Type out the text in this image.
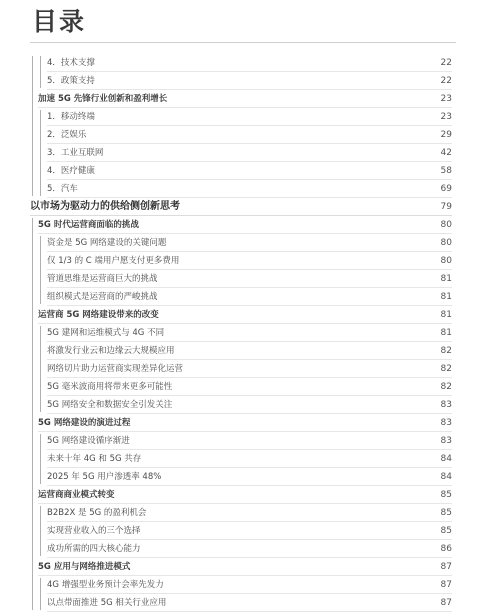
目录
4．技术支撑	22
5．政策支持	22
加速 5G 先锋行业创新和盈利增长	23
1．移动终端	23
2．泛娱乐	29
3．工业互联网	42
4．医疗健康	58
5．汽车	69
以市场为驱动力的供给侧创新思考	79
5G 时代运营商面临的挑战	80
资金是 5G 网络建设的关键问题	80
仅 1/3 的 C 端用户愿支付更多费用	80
管道思维是运营商巨大的挑战	81
组织模式是运营商的严峻挑战	81
运营商 5G 网络建设带来的改变	81
5G 建网和运维模式与 4G 不同	81
将激发行业云和边缘云大规模应用	82
网络切片助力运营商实现差异化运营	82
5G 毫米波商用将带来更多可能性	82
5G 网络安全和数据安全引发关注	83
5G 网络建设的演进过程	83
5G 网络建设循序渐进	83
未来十年 4G 和 5G 共存	84
2025 年 5G 用户渗透率 48%	84
运营商商业模式转变	85
B2B2X 是 5G 的盈利机会	85
实现营业收入的三个选择	85
成功所需的四大核心能力	86
5G 应用与网络推进模式	87
4G 增强型业务预计会率先发力	87
以点带面推进 5G 相关行业应用	87
